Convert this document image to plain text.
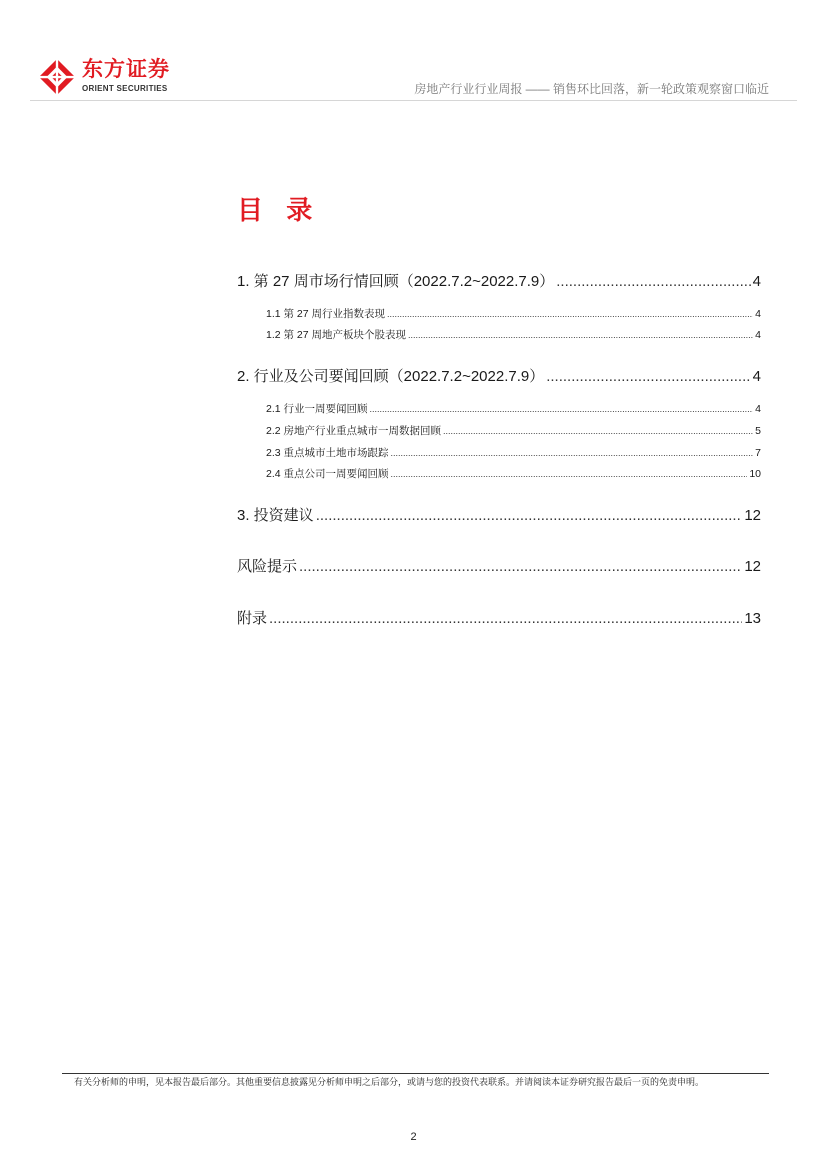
东方证券
ORIENT SECURITIES	房地产行业行业周报 —— 销售环比回落，新一轮政策观察窗口临近
目 录
1. 第 27 周市场行情回顾（2022.7.2~2022.7.9） .....	4
1.1 第 27 周行业指数表现 .....	4
1.2 第 27 周地产板块个股表现 .....	4
2. 行业及公司要闻回顾（2022.7.2~2022.7.9） .....	4
2.1 行业一周要闻回顾 .....	4
2.2 房地产行业重点城市一周数据回顾 .....	5
2.3 重点城市土地市场跟踪 .....	7
2.4 重点公司一周要闻回顾 .....	10
3. 投资建议 .....	12
风险提示 .....	12
附录 .....	13
有关分析师的申明，见本报告最后部分。其他重要信息披露见分析师申明之后部分，或请与您的投资代表联系。并请阅读本证券研究报告最后一页的免责申明。
2
